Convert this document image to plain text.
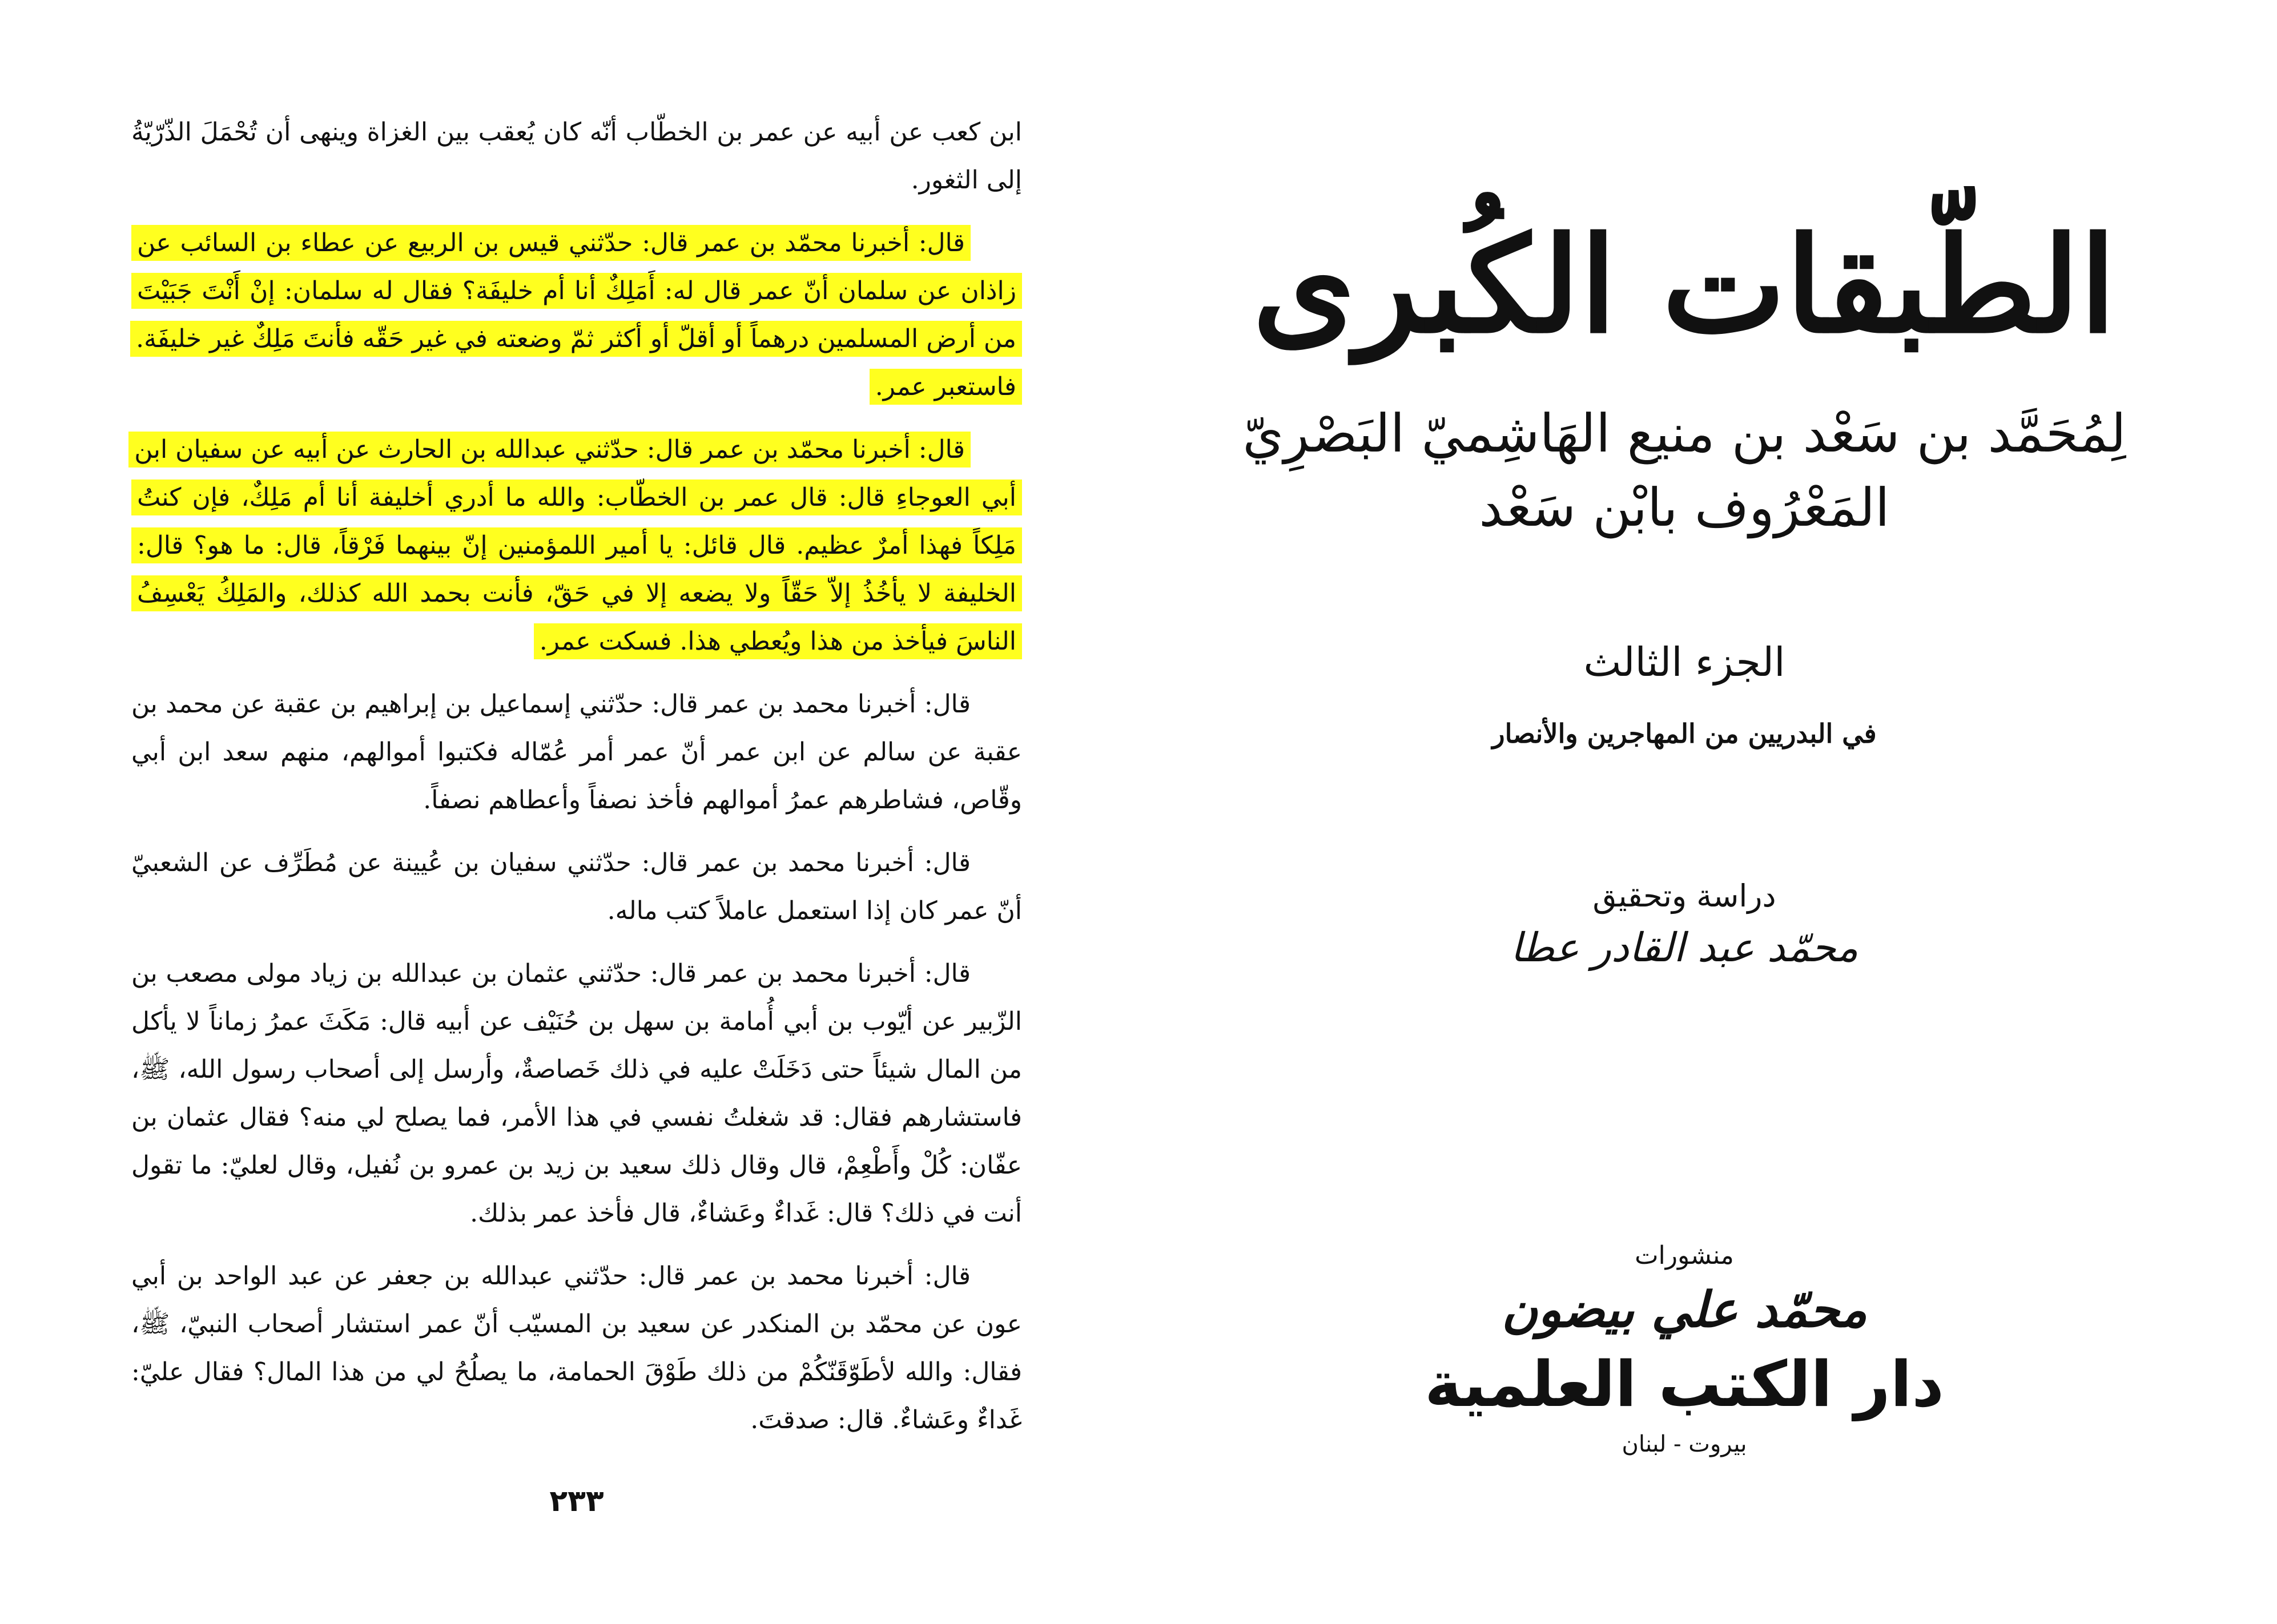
ابن كعب عن أبيه عن عمر بن الخطّاب أنّه كان يُعقب بين الغزاة وينهى أن تُحْمَلَ الذّرّيّةُ إلى الثغور.

قال: أخبرنا محمّد بن عمر قال: حدّثني قيس بن الربيع عن عطاء بن السائب عن زاذان عن سلمان أنّ عمر قال له: أَمَلِكٌ أنا أم خليفَة؟ فقال له سلمان: إنْ أَنْتَ جَبَيْتَ من أرض المسلمين درهماً أو أقلّ أو أكثر ثمّ وضعته في غير حَقّه فأنتَ مَلِكٌ غير خليفَة. فاستعبر عمر.

قال: أخبرنا محمّد بن عمر قال: حدّثني عبدالله بن الحارث عن أبيه عن سفيان ابن أبي العوجاءِ قال: قال عمر بن الخطّاب: والله ما أدري أخليفة أنا أم مَلِكٌ، فإن كنتُ مَلِكاً فهذا أمرٌ عظيم. قال قائل: يا أمير اللمؤمنين إنّ بينهما فَرْقاً، قال: ما هو؟ قال: الخليفة لا يأخُذُ إلاّ حَقّاً ولا يضعه إلا في حَقّ، فأنت بحمد الله كذلك، والمَلِكُ يَعْسِفُ الناسَ فيأخذ من هذا ويُعطي هذا. فسكت عمر.

قال: أخبرنا محمد بن عمر قال: حدّثني إسماعيل بن إبراهيم بن عقبة عن محمد بن عقبة عن سالم عن ابن عمر أنّ عمر أمر عُمّاله فكتبوا أموالهم، منهم سعد ابن أبي وقّاص، فشاطرهم عمرُ أموالهم فأخذ نصفاً وأعطاهم نصفاً.

قال: أخبرنا محمد بن عمر قال: حدّثني سفيان بن عُيينة عن مُطَرِّف عن الشعبيّ أنّ عمر كان إذا استعمل عاملاً كتب ماله.

قال: أخبرنا محمد بن عمر قال: حدّثني عثمان بن عبدالله بن زياد مولى مصعب بن الزّبير عن أيّوب بن أبي أُمامة بن سهل بن حُنَيْف عن أبيه قال: مَكَثَ عمرُ زماناً لا يأكل من المال شيئاً حتى دَخَلَتْ عليه في ذلك خَصاصةٌ، وأرسل إلى أصحاب رسول الله، ﷺ، فاستشارهم فقال: قد شغلتُ نفسي في هذا الأمر، فما يصلح لي منه؟ فقال عثمان بن عفّان: كُلْ وأَطْعِمْ، قال وقال ذلك سعيد بن زيد بن عمرو بن نُفيل، وقال لعليّ: ما تقول أنت في ذلك؟ قال: غَداءٌ وعَشاءٌ، قال فأخذ عمر بذلك.

قال: أخبرنا محمد بن عمر قال: حدّثني عبدالله بن جعفر عن عبد الواحد بن أبي عون عن محمّد بن المنكدر عن سعيد بن المسيّب أنّ عمر استشار أصحاب النبيّ، ﷺ، فقال: والله لأطَوّقَنّكُمْ من ذلك طَوْقَ الحمامة، ما يصلُحُ لي من هذا المال؟ فقال عليّ: غَداءٌ وعَشاءٌ. قال: صدقتَ.

٢٣٣
الطّبقات الكُبرى
لِمُحَمَّد بن سَعْد بن منيع الهَاشِميّ البَصْرِيّ
المَعْرُوف بابْن سَعْد
الجزء الثالث
في البدريين من المهاجرين والأنصار
دراسة وتحقيق
محمّد عبد القادر عطا
منشورات
محمّد علي بيضون
دار الكتب العلمية
بيروت - لبنان
